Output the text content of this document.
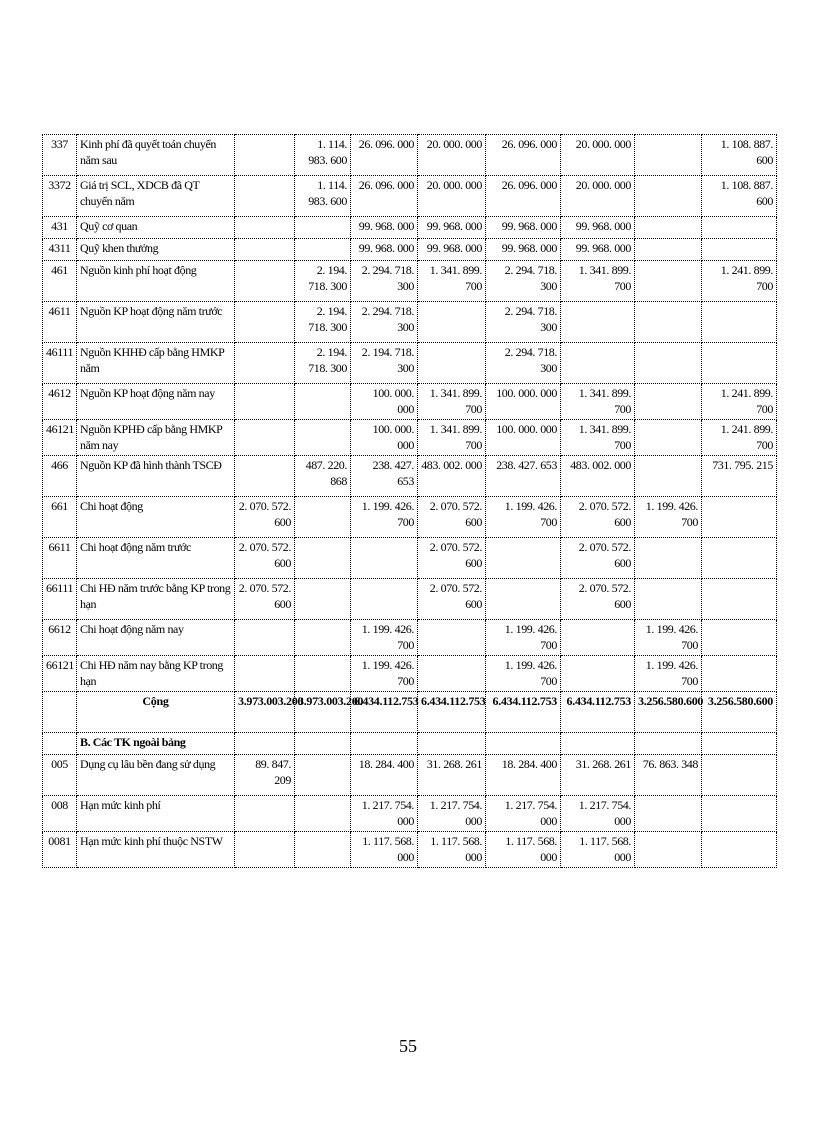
337	Kinh phí đã quyết toán chuyển năm sau		1. 114. 983. 600	26. 096. 000	20. 000. 000	26. 096. 000	20. 000. 000		1. 108. 887. 600
3372	Giá trị SCL, XDCB đã QT chuyển năm		1. 114. 983. 600	26. 096. 000	20. 000. 000	26. 096. 000	20. 000. 000		1. 108. 887. 600
431	Quỹ cơ quan			99. 968. 000	99. 968. 000	99. 968. 000	99. 968. 000		
4311	Quỹ khen thưởng			99. 968. 000	99. 968. 000	99. 968. 000	99. 968. 000		
461	Nguồn kinh phí hoạt động		2. 194. 718. 300	2. 294. 718. 300	1. 341. 899. 700	2. 294. 718. 300	1. 341. 899. 700		1. 241. 899. 700
4611	Nguồn KP hoạt động năm trước		2. 194. 718. 300	2. 294. 718. 300		2. 294. 718. 300			
46111	Nguồn KHHĐ cấp bằng HMKP năm		2. 194. 718. 300	2. 194. 718. 300		2. 294. 718. 300			
4612	Nguồn KP hoạt động năm nay			100. 000. 000	1. 341. 899. 700	100. 000. 000	1. 341. 899. 700		1. 241. 899. 700
46121	Nguồn KPHĐ cấp bằng HMKP năm nay			100. 000. 000	1. 341. 899. 700	100. 000. 000	1. 341. 899. 700		1. 241. 899. 700
466	Nguồn KP đã hình thành TSCĐ		487. 220. 868	238. 427. 653	483. 002. 000	238. 427. 653	483. 002. 000		731. 795. 215
661	Chi hoạt động	2. 070. 572. 600		1. 199. 426. 700	2. 070. 572. 600	1. 199. 426. 700	2. 070. 572. 600	1. 199. 426. 700	
6611	Chi hoạt động năm trước	2. 070. 572. 600			2. 070. 572. 600		2. 070. 572. 600		
66111	Chi HĐ năm trước bằng KP trong hạn	2. 070. 572. 600			2. 070. 572. 600		2. 070. 572. 600		
6612	Chi hoạt động năm nay			1. 199. 426. 700		1. 199. 426. 700		1. 199. 426. 700	
66121	Chi HĐ năm nay bằng KP trong hạn			1. 199. 426. 700		1. 199. 426. 700		1. 199. 426. 700	
	Cộng	3.973.003.200	3.973.003.200	6.434.112.753	6.434.112.753	6.434.112.753	6.434.112.753	3.256.580.600	3.256.580.600
	B. Các TK ngoài bảng								
005	Dụng cụ lâu bền đang sử dụng	89. 847. 209		18. 284. 400	31. 268. 261	18. 284. 400	31. 268. 261	76. 863. 348	
008	Hạn mức kinh phí			1. 217. 754. 000	1. 217. 754. 000	1. 217. 754. 000	1. 217. 754. 000		
0081	Hạn mức kinh phí thuộc NSTW			1. 117. 568. 000	1. 117. 568. 000	1. 117. 568. 000	1. 117. 568. 000		
55
